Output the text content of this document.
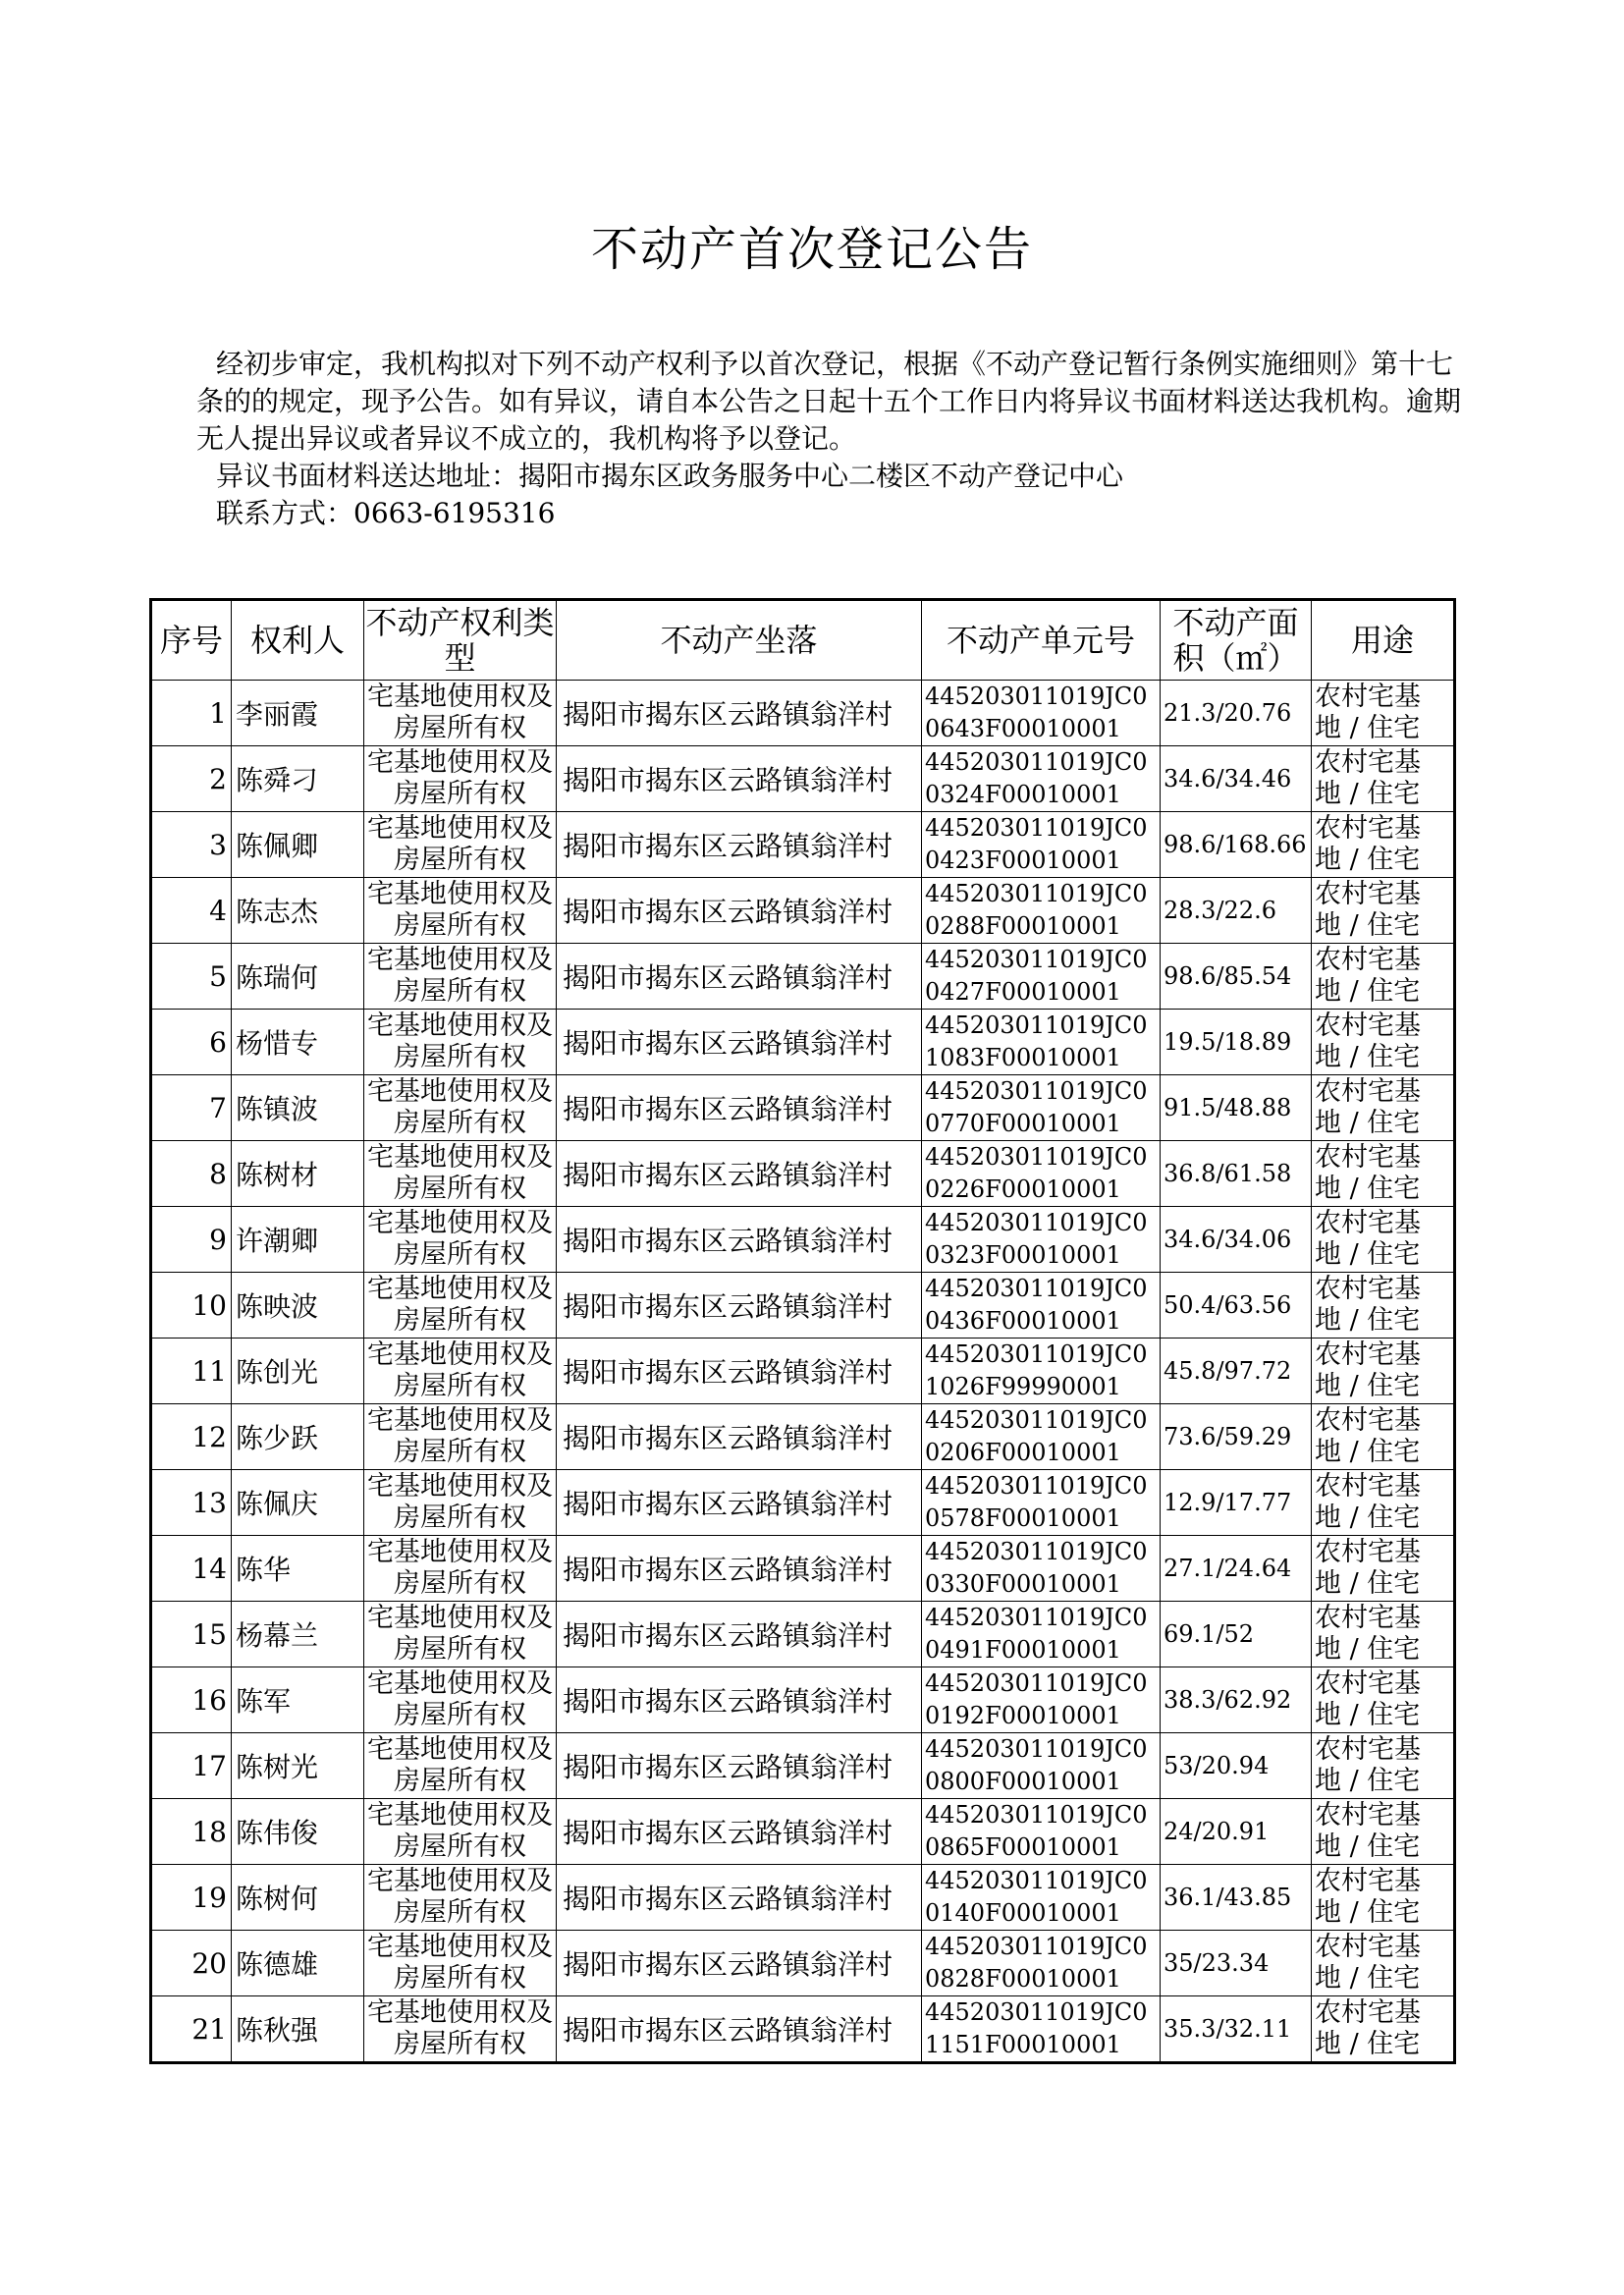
不动产首次登记公告

经初步审定，我机构拟对下列不动产权利予以首次登记，根据《不动产登记暂行条例实施细则》第十七条的的规定，现予公告。如有异议，请自本公告之日起十五个工作日内将异议书面材料送达我机构。逾期无人提出异议或者异议不成立的，我机构将予以登记。

异议书面材料送达地址：揭阳市揭东区政务服务中心二楼区不动产登记中心

联系方式：0663-6195316

序号	权利人	不动产权利类型	不动产坐落	不动产单元号	不动产面积（㎡）	用途
1	李丽霞	宅基地使用权及房屋所有权	揭阳市揭东区云路镇翁洋村	445203011019JC00643F00010001	21.3/20.76	农村宅基
地 / 住宅

2	陈舜刁	宅基地使用权及房屋所有权	揭阳市揭东区云路镇翁洋村	445203011019JC00324F00010001	34.6/34.46	农村宅基
地 / 住宅

3	陈佩卿	宅基地使用权及房屋所有权	揭阳市揭东区云路镇翁洋村	445203011019JC00423F00010001	98.6/168.66	农村宅基
地 / 住宅

4	陈志杰	宅基地使用权及房屋所有权	揭阳市揭东区云路镇翁洋村	445203011019JC00288F00010001	28.3/22.6	农村宅基
地 / 住宅

5	陈瑞何	宅基地使用权及房屋所有权	揭阳市揭东区云路镇翁洋村	445203011019JC00427F00010001	98.6/85.54	农村宅基
地 / 住宅

6	杨惜专	宅基地使用权及房屋所有权	揭阳市揭东区云路镇翁洋村	445203011019JC01083F00010001	19.5/18.89	农村宅基
地 / 住宅

7	陈镇波	宅基地使用权及房屋所有权	揭阳市揭东区云路镇翁洋村	445203011019JC00770F00010001	91.5/48.88	农村宅基
地 / 住宅

8	陈树材	宅基地使用权及房屋所有权	揭阳市揭东区云路镇翁洋村	445203011019JC00226F00010001	36.8/61.58	农村宅基
地 / 住宅

9	许潮卿	宅基地使用权及房屋所有权	揭阳市揭东区云路镇翁洋村	445203011019JC00323F00010001	34.6/34.06	农村宅基
地 / 住宅

10	陈映波	宅基地使用权及房屋所有权	揭阳市揭东区云路镇翁洋村	445203011019JC00436F00010001	50.4/63.56	农村宅基
地 / 住宅

11	陈创光	宅基地使用权及房屋所有权	揭阳市揭东区云路镇翁洋村	445203011019JC01026F99990001	45.8/97.72	农村宅基
地 / 住宅

12	陈少跃	宅基地使用权及房屋所有权	揭阳市揭东区云路镇翁洋村	445203011019JC00206F00010001	73.6/59.29	农村宅基
地 / 住宅

13	陈佩庆	宅基地使用权及房屋所有权	揭阳市揭东区云路镇翁洋村	445203011019JC00578F00010001	12.9/17.77	农村宅基
地 / 住宅

14	陈华	宅基地使用权及房屋所有权	揭阳市揭东区云路镇翁洋村	445203011019JC00330F00010001	27.1/24.64	农村宅基
地 / 住宅

15	杨幕兰	宅基地使用权及房屋所有权	揭阳市揭东区云路镇翁洋村	445203011019JC00491F00010001	69.1/52	农村宅基
地 / 住宅

16	陈军	宅基地使用权及房屋所有权	揭阳市揭东区云路镇翁洋村	445203011019JC00192F00010001	38.3/62.92	农村宅基
地 / 住宅

17	陈树光	宅基地使用权及房屋所有权	揭阳市揭东区云路镇翁洋村	445203011019JC00800F00010001	53/20.94	农村宅基
地 / 住宅

18	陈伟俊	宅基地使用权及房屋所有权	揭阳市揭东区云路镇翁洋村	445203011019JC00865F00010001	24/20.91	农村宅基
地 / 住宅

19	陈树何	宅基地使用权及房屋所有权	揭阳市揭东区云路镇翁洋村	445203011019JC00140F00010001	36.1/43.85	农村宅基
地 / 住宅

20	陈德雄	宅基地使用权及房屋所有权	揭阳市揭东区云路镇翁洋村	445203011019JC00828F00010001	35/23.34	农村宅基
地 / 住宅

21	陈秋强	宅基地使用权及房屋所有权	揭阳市揭东区云路镇翁洋村	445203011019JC01151F00010001	35.3/32.11	农村宅基
地 / 住宅
